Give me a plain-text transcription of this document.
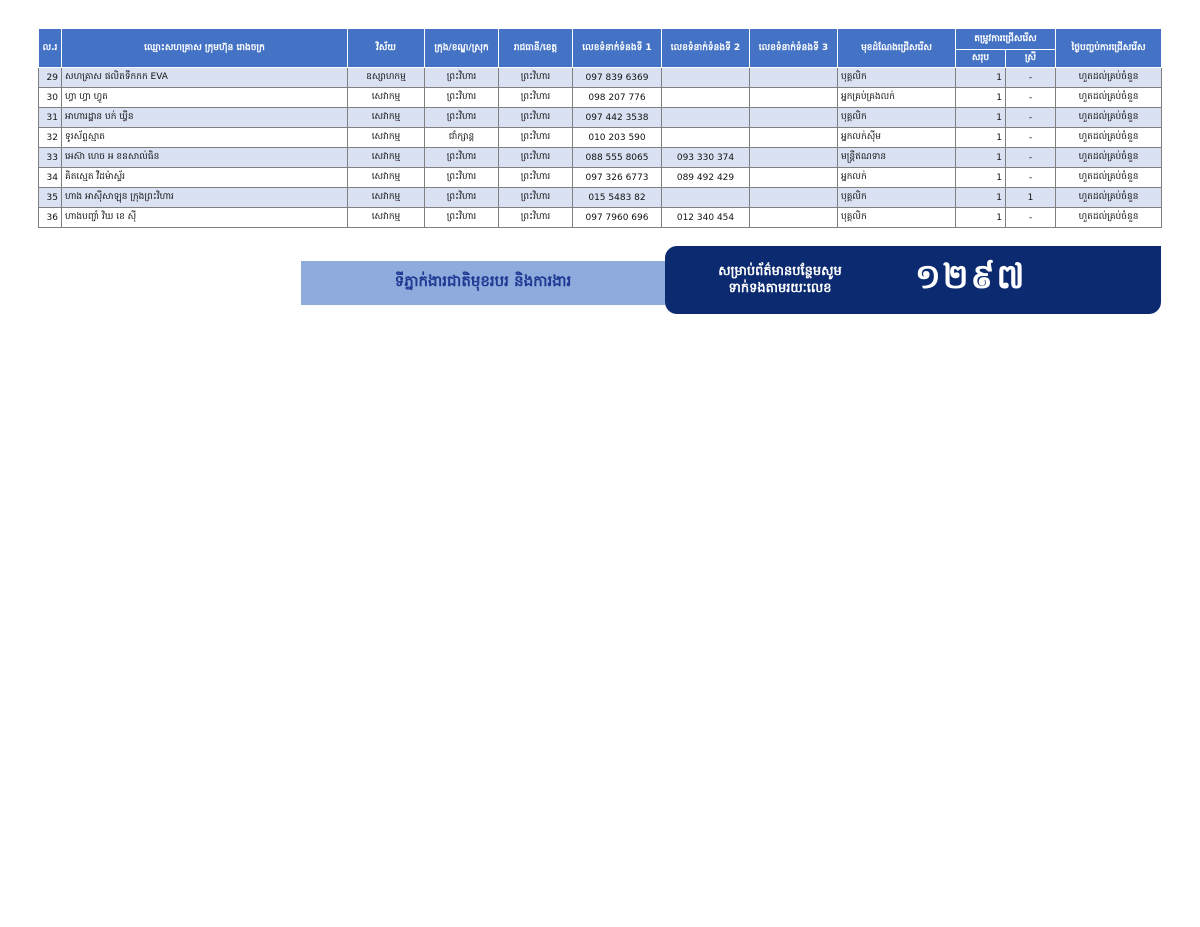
ល.រ	ឈ្មោះសហគ្រាស ក្រុមហ៊ុន រោងចក្រ	វិស័យ	ក្រុង/ខណ្ឌ/ស្រុក	រាជធានី/ខេត្ត	លេខទំនាក់ទំនងទី 1	លេខទំនាក់ទំនងទី 2	លេខទំនាក់ទំនងទី 3	មុខដំណែងជ្រើសរើស	តម្រូវការជ្រើសរើស		ថ្ងៃបញ្ចប់ការជ្រើសរើស
									សរុប	ស្រី	
29	សហគ្រាស ផលិតទឹកកក EVA	ឧស្សាហកម្ម	ព្រះវិហារ	ព្រះវិហារ	097 839 6369			បុគ្គលិក	1	-	ហួតដល់គ្រប់ចំនួន
30	ហ្វា ហ្វា ហ្វូត	សេវាកម្ម	ព្រះវិហារ	ព្រះវិហារ	098 207 776			អ្នកគ្រប់គ្រងលក់	1	-	ហួតដល់គ្រប់ចំនួន
31	អាហារដ្ឋាន បក់ ឃ្វីន	សេវាកម្ម	ព្រះវិហារ	ព្រះវិហារ	097 442 3538			បុគ្គលិក	1	-	ហួតដល់គ្រប់ចំនួន
32	ទូរស័ព្ទស្មាត	សេវាកម្ម	ជាំក្សាន្ត	ព្រះវិហារ	010 203 590			អ្នកលក់ស៊ីម	1	-	ហួតដល់គ្រប់ចំនួន
33	អេស៊ា ហេច អ ខនសាល់ធិន	សេវាកម្ម	ព្រះវិហារ	ព្រះវិហារ	088 555 8065	093 330 374		មន្ត្រីឥណទាន	1	-	ហួតដល់គ្រប់ចំនួន
34	គិតស្មេត វឺដម៉ាស្ទ័រ	សេវាកម្ម	ព្រះវិហារ	ព្រះវិហារ	097 326 6773	089 492 429		អ្នកលក់	1	-	ហួតដល់គ្រប់ចំនួន
35	ហាង អាស៊ីសាឡុន ក្រុងព្រះវិហារ	សេវាកម្ម	ព្រះវិហារ	ព្រះវិហារ	015 5483 82			បុគ្គលិក	1	1	ហួតដល់គ្រប់ចំនួន
36	ហាងបញ្ចាំ វិឃ ខេ ស៊ី	សេវាកម្ម	ព្រះវិហារ	ព្រះវិហារ	097 7960 696	012 340 454		បុគ្គលិក	1	-	ហួតដល់គ្រប់ចំនួន
ទីភ្នាក់ងារជាតិមុខរបរ និងការងារ
សម្រាប់ព័ត៌មានបន្ថែមសូម
ទាក់ទងតាមរយៈលេខ	១២៩៧
